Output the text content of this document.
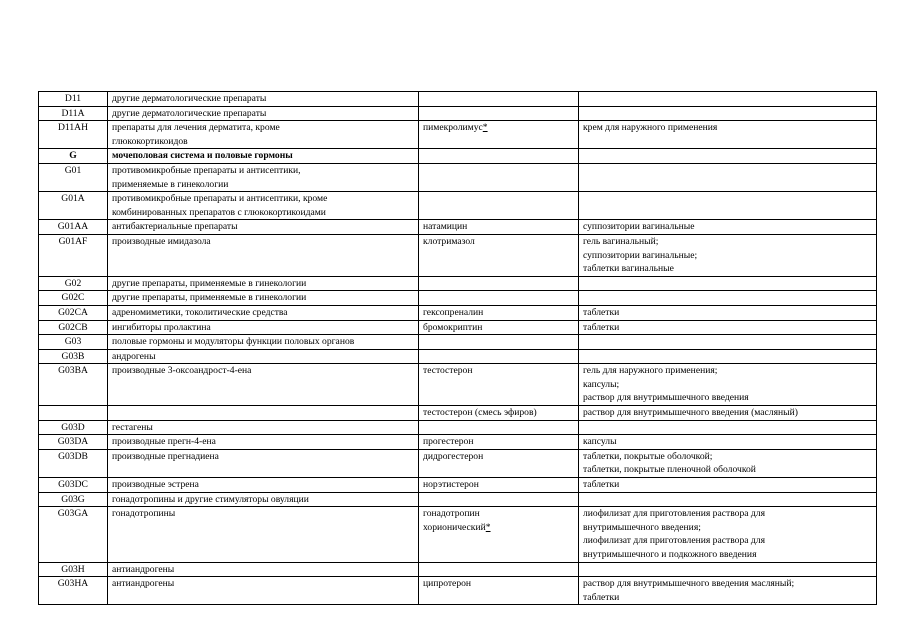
D11	другие дерматологические препараты		
D11A	другие дерматологические препараты		
D11AH	препараты для лечения дерматита, кроме
глюкокортикоидов	пимекролимус*	крем для наружного применения
G	мочеполовая система и половые гормоны		
G01	противомикробные препараты и антисептики,
применяемые в гинекологии		
G01A	противомикробные препараты и антисептики, кроме
комбинированных препаратов с глюкокортикоидами		
G01AA	антибактериальные препараты	натамицин	суппозитории вагинальные
G01AF	производные имидазола	клотримазол	гель вагинальный;
суппозитории вагинальные;
таблетки вагинальные
G02	другие препараты, применяемые в гинекологии		
G02C	другие препараты, применяемые в гинекологии		
G02CA	адреномиметики, токолитические средства	гексопреналин	таблетки
G02CB	ингибиторы пролактина	бромокриптин	таблетки
G03	половые гормоны и модуляторы функции половых органов		
G03B	андрогены		
G03BA	производные 3-оксоандрост-4-ена	тестостерон	гель для наружного применения;
капсулы;
раствор для внутримышечного введения
		тестостерон (смесь эфиров)	раствор для внутримышечного введения (масляный)
G03D	гестагены		
G03DA	производные прегн-4-ена	прогестерон	капсулы
G03DB	производные прегнадиена	дидрогестерон	таблетки, покрытые оболочкой;
таблетки, покрытые пленочной оболочкой
G03DC	производные эстрена	норэтистерон	таблетки
G03G	гонадотропины и другие стимуляторы овуляции		
G03GA	гонадотропины	гонадотропин
хорионический*	лиофилизат для приготовления раствора для
внутримышечного введения;
лиофилизат для приготовления раствора для
внутримышечного и подкожного введения
G03H	антиандрогены		
G03HA	антиандрогены	ципротерон	раствор для внутримышечного введения масляный;
таблетки
